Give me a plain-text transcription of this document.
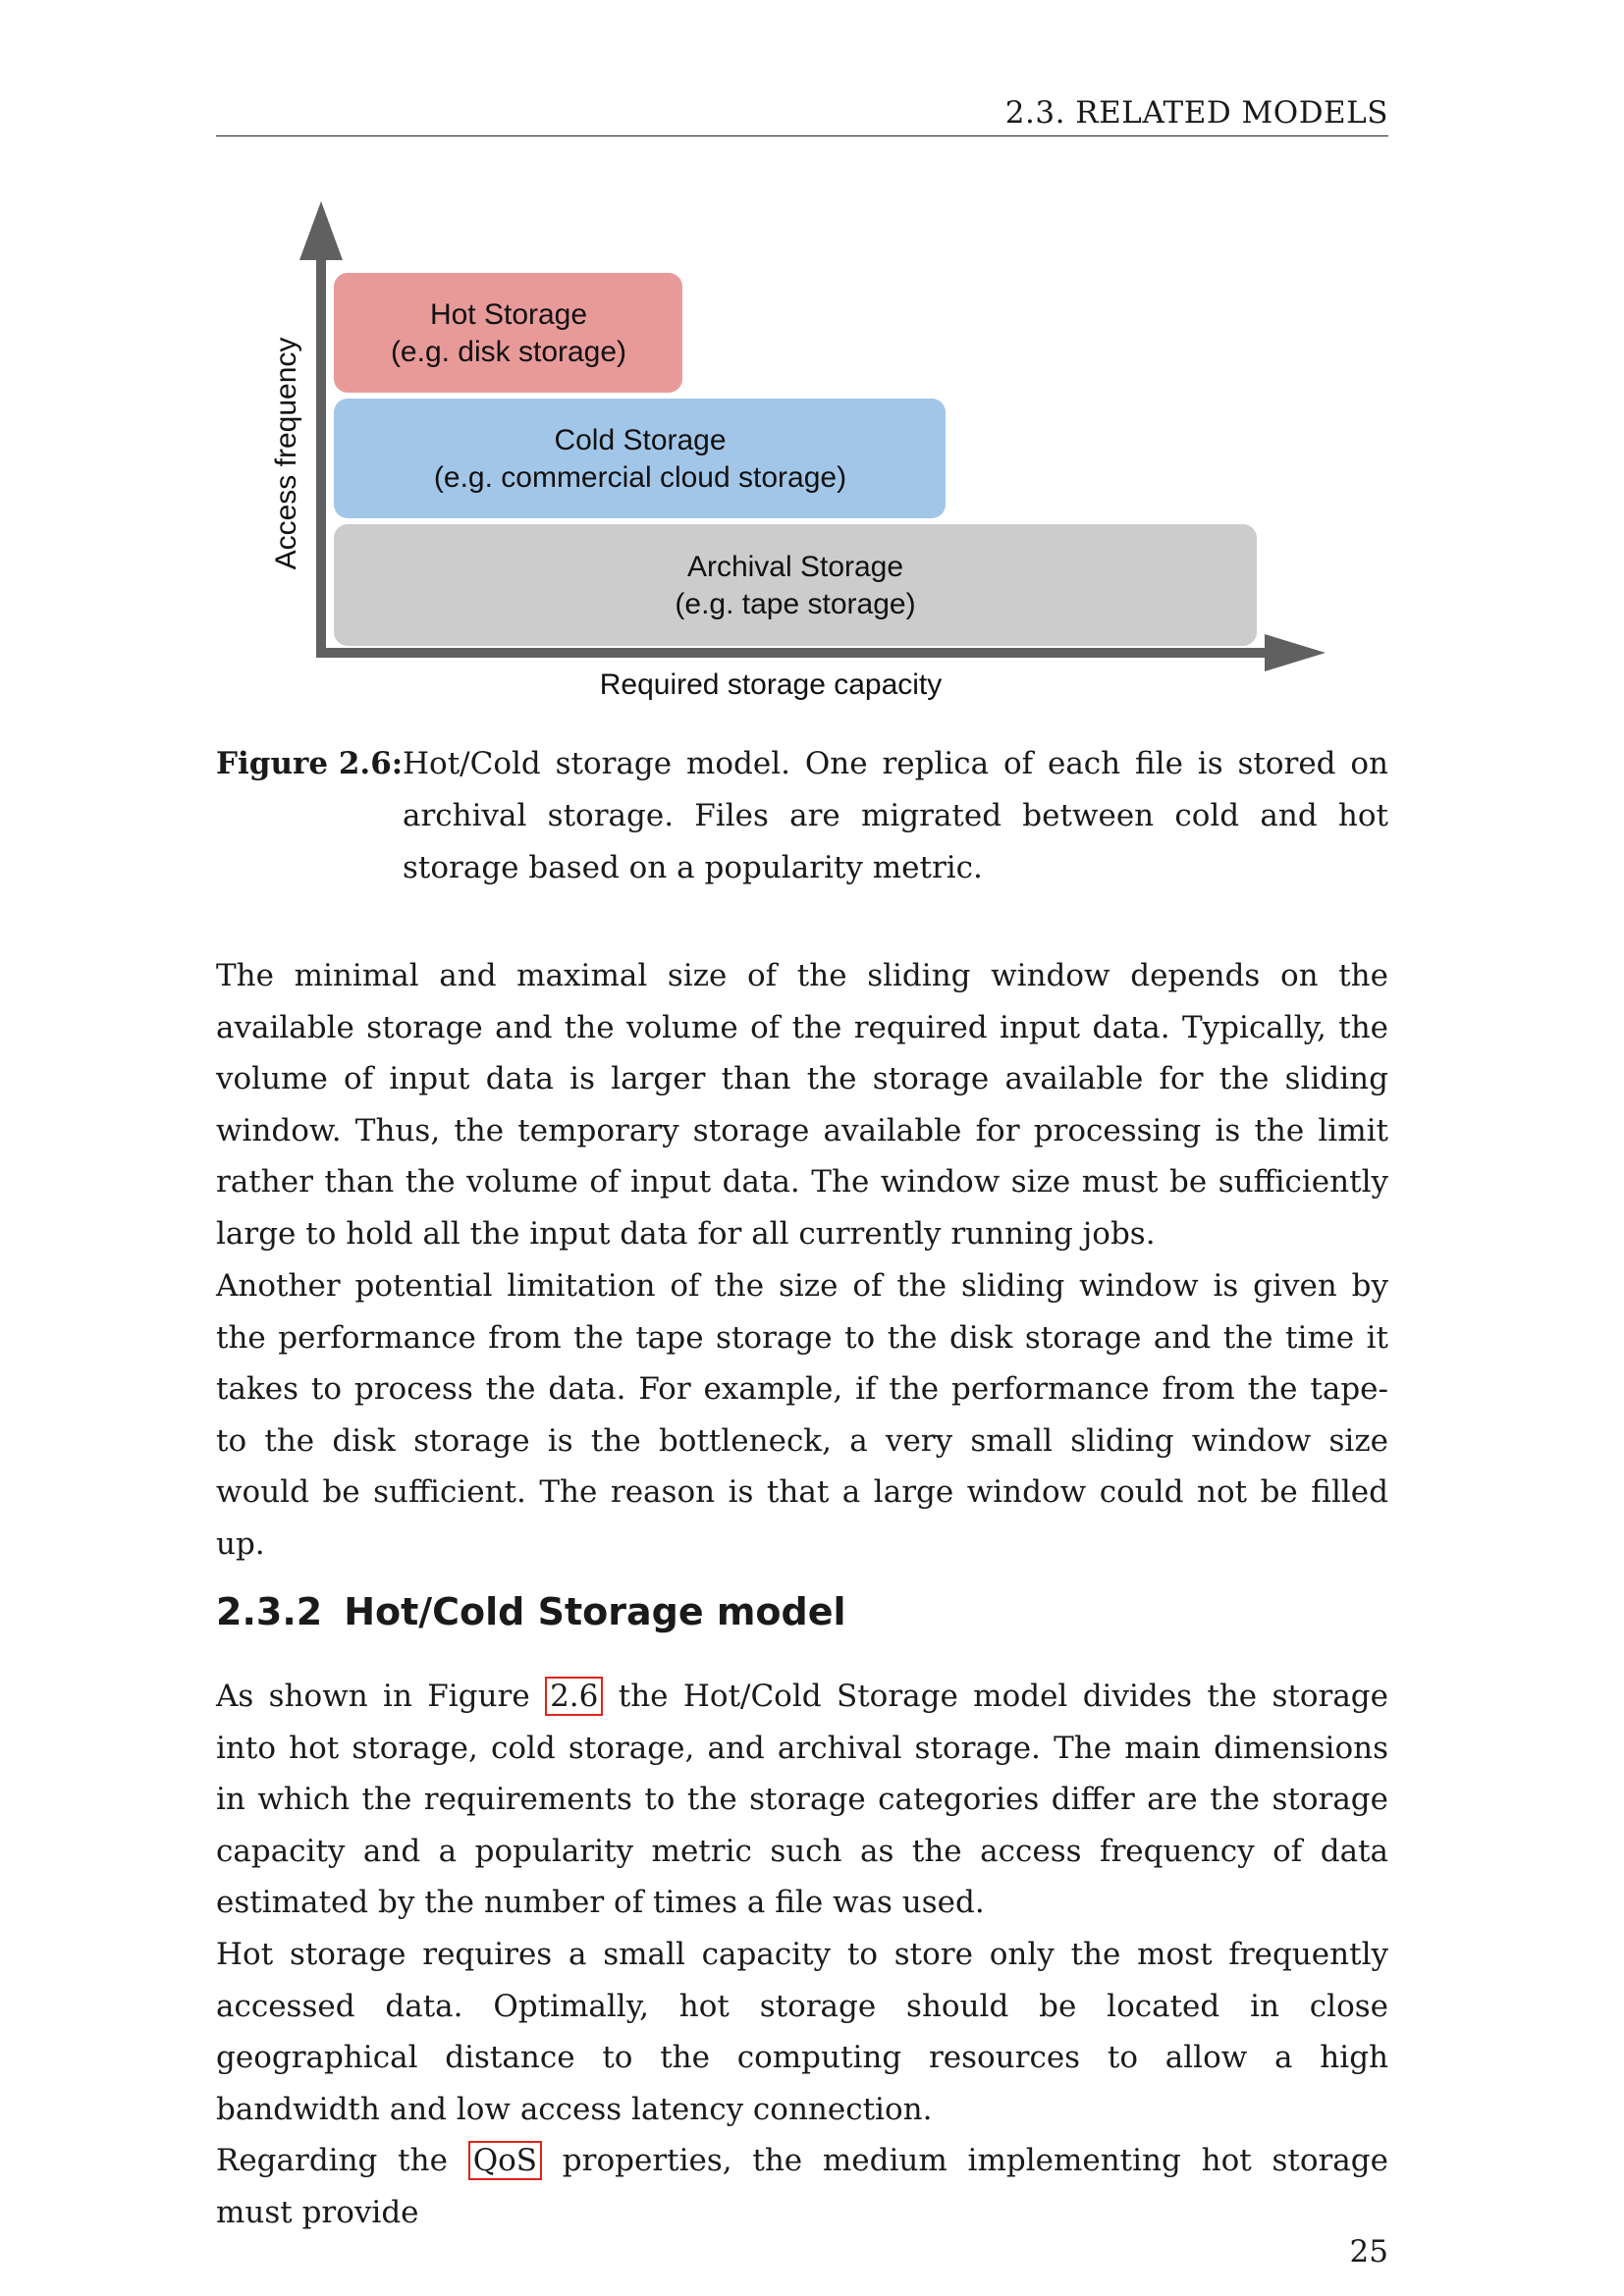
2.3. RELATED MODELS
Hot Storage
(e.g. disk storage)
Cold Storage
(e.g. commercial cloud storage)
Archival Storage
(e.g. tape storage)
Access frequency
Required storage capacity
Figure 2.6: Hot/Cold storage model. One replica of each file is stored on archival storage. Files are migrated between cold and hot storage based on a popularity metric.

The minimal and maximal size of the sliding window depends on the available storage and the volume of the required input data. Typically, the volume of input data is larger than the storage available for the sliding window. Thus, the temporary storage available for processing is the limit rather than the volume of input data. The window size must be sufficiently large to hold all the input data for all currently running jobs.

Another potential limitation of the size of the sliding window is given by the performance from the tape storage to the disk storage and the time it takes to process the data. For example, if the performance from the tape- to the disk storage is the bottleneck, a very small sliding window size would be sufficient. The reason is that a large window could not be filled up.

2.3.2 Hot/Cold Storage model

As shown in Figure 2.6 the Hot/Cold Storage model divides the storage into hot storage, cold storage, and archival storage. The main dimensions in which the requirements to the storage categories differ are the storage capacity and a popularity metric such as the access frequency of data estimated by the number of times a file was used.

Hot storage requires a small capacity to store only the most frequently accessed data. Optimally, hot storage should be located in close geographical distance to the computing resources to allow a high bandwidth and low access latency connection.
Regarding the QoS properties, the medium implementing hot storage must provide

25
